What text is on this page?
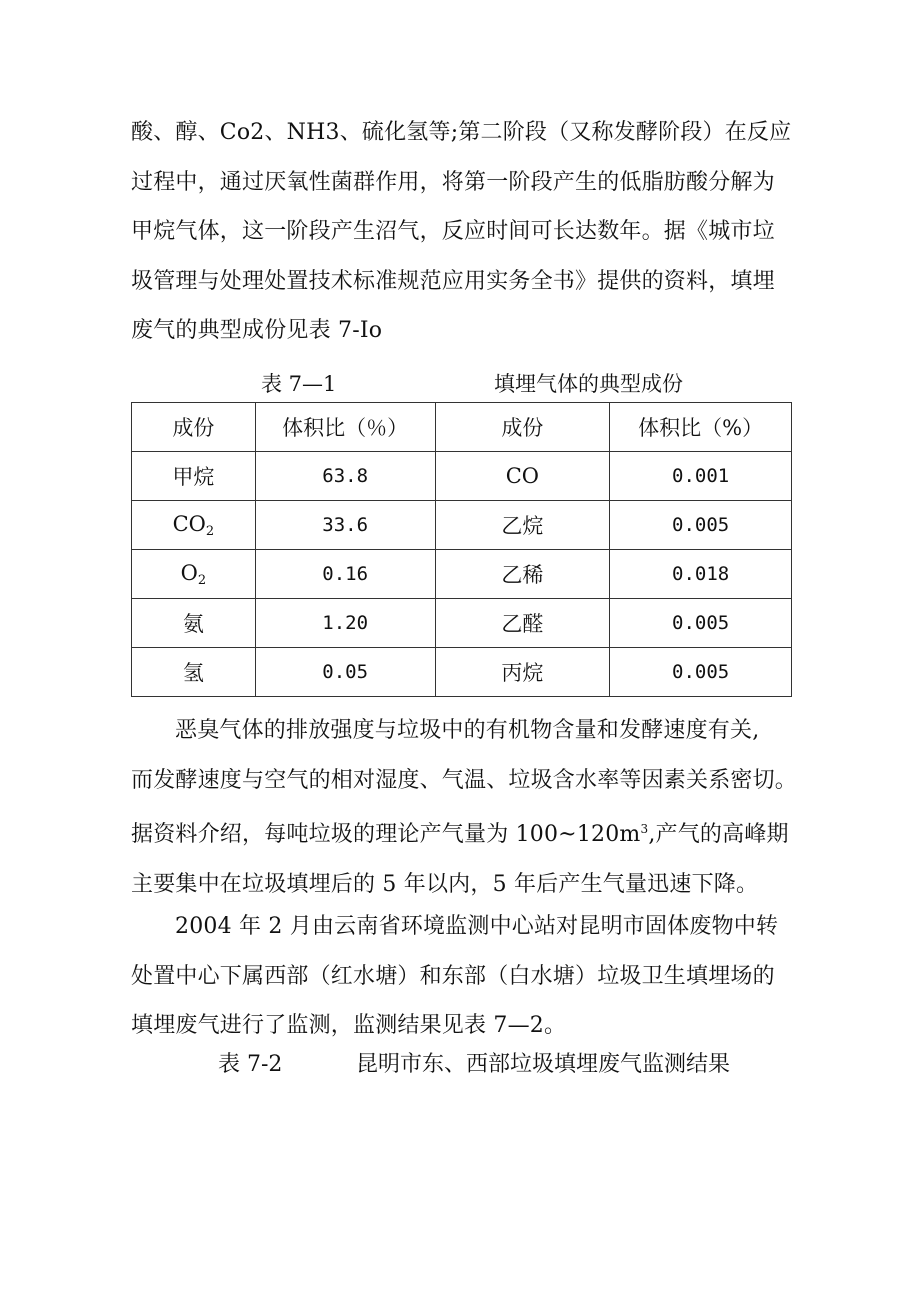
酸、醇、Co2、NH3、硫化氢等;第二阶段（又称发酵阶段）在反应
过程中，通过厌氧性菌群作用，将第一阶段产生的低脂肪酸分解为
甲烷气体，这一阶段产生沼气，反应时间可长达数年。据《城市垃
圾管理与处理处置技术标准规范应用实务全书》提供的资料，填埋
废气的典型成份见表 7-Io
表 7—1	填埋气体的典型成份
成份	体积比（％）	成份	体积比（%）
甲烷	63.8	CO	0.001
$CO_2$	33.6	乙烷	0.005
$O_2$	0.16	乙稀	0.018
氨	1.20	乙醛	0.005
氢	0.05	丙烷	0.005
恶臭气体的排放强度与垃圾中的有机物含量和发酵速度有关,
而发酵速度与空气的相对湿度、气温、垃圾含水率等因素关系密切。
据资料介绍，每吨垃圾的理论产气量为 $100\sim 120m^3$,产气的高峰期
主要集中在垃圾填埋后的 5 年以内，5 年后产生气量迅速下降。
2004 年 2 月由云南省环境监测中心站对昆明市固体废物中转
处置中心下属西部（红水塘）和东部（白水塘）垃圾卫生填埋场的
填埋废气进行了监测，监测结果见表 7—2。
表 7-2	昆明市东、西部垃圾填埋废气监测结果
